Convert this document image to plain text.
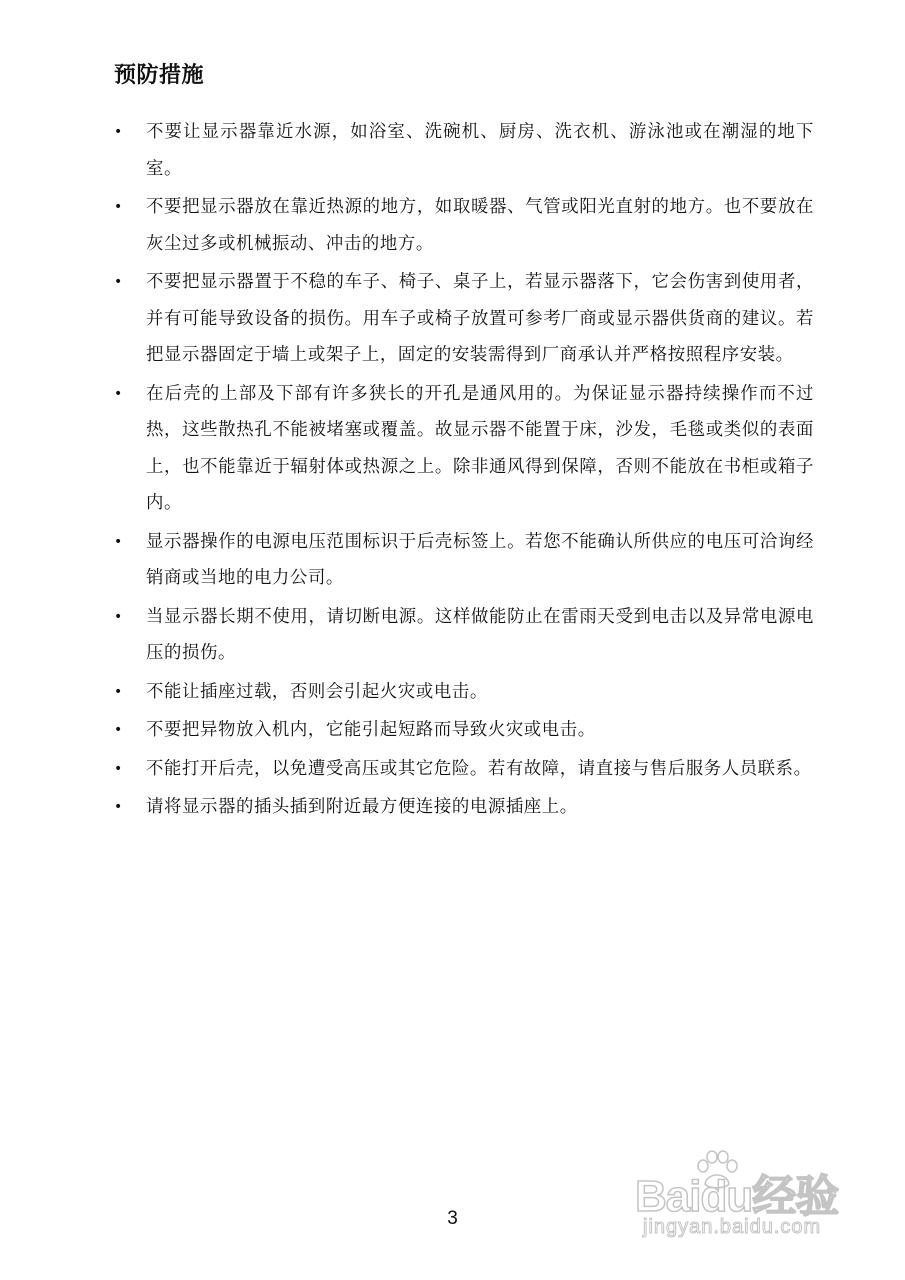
预防措施
• 不要让显示器靠近水源，如浴室、洗碗机、厨房、洗衣机、游泳池或在潮湿的地下室。
• 不要把显示器放在靠近热源的地方，如取暖器、气管或阳光直射的地方。也不要放在灰尘过多或机械振动、冲击的地方。
• 不要把显示器置于不稳的车子、椅子、桌子上，若显示器落下，它会伤害到使用者，并有可能导致设备的损伤。用车子或椅子放置可参考厂商或显示器供货商的建议。若把显示器固定于墙上或架子上，固定的安装需得到厂商承认并严格按照程序安装。
• 在后壳的上部及下部有许多狭长的开孔是通风用的。为保证显示器持续操作而不过热，这些散热孔不能被堵塞或覆盖。故显示器不能置于床，沙发，毛毯或类似的表面上，也不能靠近于辐射体或热源之上。除非通风得到保障，否则不能放在书柜或箱子内。
• 显示器操作的电源电压范围标识于后壳标签上。若您不能确认所供应的电压可洽询经销商或当地的电力公司。
• 当显示器长期不使用，请切断电源。这样做能防止在雷雨天受到电击以及异常电源电压的损伤。
• 不能让插座过载，否则会引起火灾或电击。
• 不要把异物放入机内，它能引起短路而导致火灾或电击。
• 不能打开后壳，以免遭受高压或其它危险。若有故障，请直接与售后服务人员联系。
• 请将显示器的插头插到附近最方便连接的电源插座上。
Baidu经验
jingyan.baidu.com
3
